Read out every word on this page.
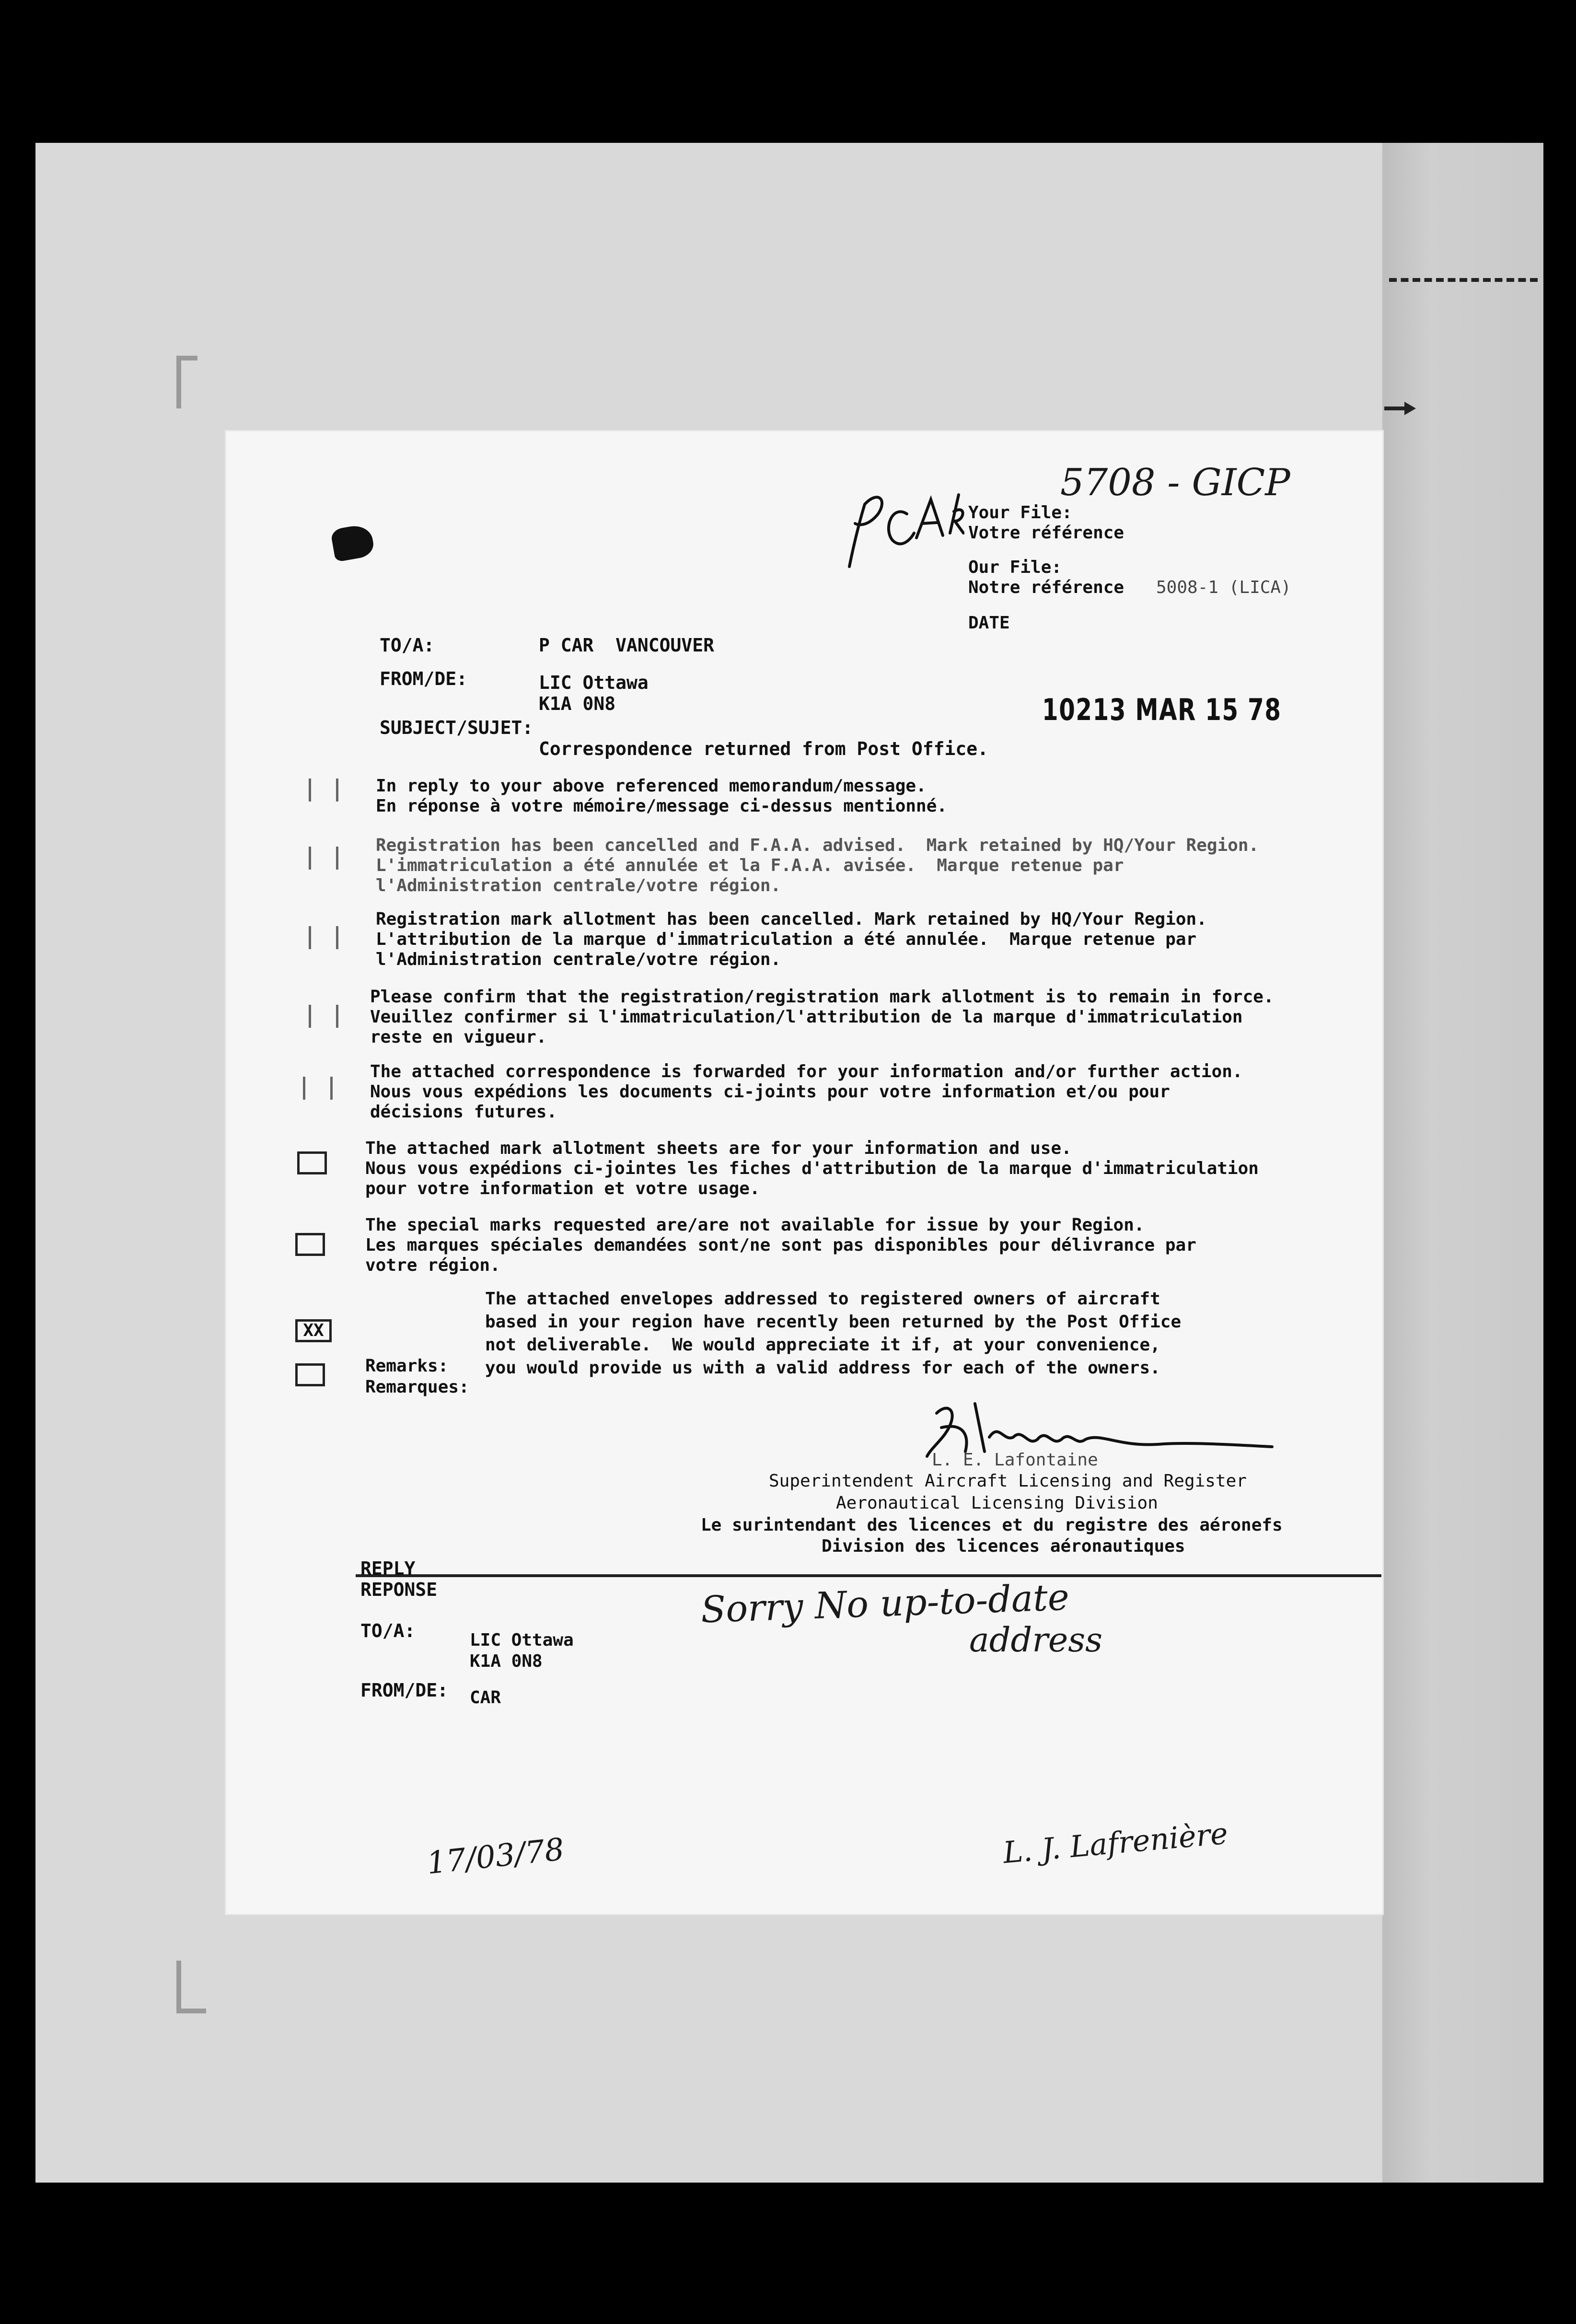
5708 - GICP
Your File:
Votre référence
Our File:
Notre référence 5008-1 (LICA)
DATE
10213 MAR 15 78
TO/A:	P CAR  VANCOUVER
FROM/DE:	LIC Ottawa
K1A 0N8
SUBJECT/SUJET:
Correspondence returned from Post Office.
In reply to your above referenced memorandum/message.
En réponse à votre mémoire/message ci-dessus mentionné.
Registration has been cancelled and F.A.A. advised.  Mark retained by HQ/Your Region.
L'immatriculation a été annulée et la F.A.A. avisée.  Marque retenue par
l'Administration centrale/votre région.
Registration mark allotment has been cancelled. Mark retained by HQ/Your Region.
L'attribution de la marque d'immatriculation a été annulée.  Marque retenue par
l'Administration centrale/votre région.
Please confirm that the registration/registration mark allotment is to remain in force.
Veuillez confirmer si l'immatriculation/l'attribution de la marque d'immatriculation
reste en vigueur.
The attached correspondence is forwarded for your information and/or further action.
Nous vous expédions les documents ci-joints pour votre information et/ou pour
décisions futures.
The attached mark allotment sheets are for your information and use.
Nous vous expédions ci-jointes les fiches d'attribution de la marque d'immatriculation
pour votre information et votre usage.
The special marks requested are/are not available for issue by your Region.
Les marques spéciales demandées sont/ne sont pas disponibles pour délivrance par
votre région.
XX
The attached envelopes addressed to registered owners of aircraft
based in your region have recently been returned by the Post Office
not deliverable.  We would appreciate it if, at your convenience,
you would provide us with a valid address for each of the owners.
Remarks:
Remarques:
L. E. Lafontaine
Superintendent Aircraft Licensing and Register
Aeronautical Licensing Division
Le surintendant des licences et du registre des aéronefs
Division des licences aéronautiques
REPLY
REPONSE	Sorry No up-to-date
address
TO/A:	LIC Ottawa
K1A 0N8
FROM/DE: CAR
17/03/78	L. J. Lafrenière
